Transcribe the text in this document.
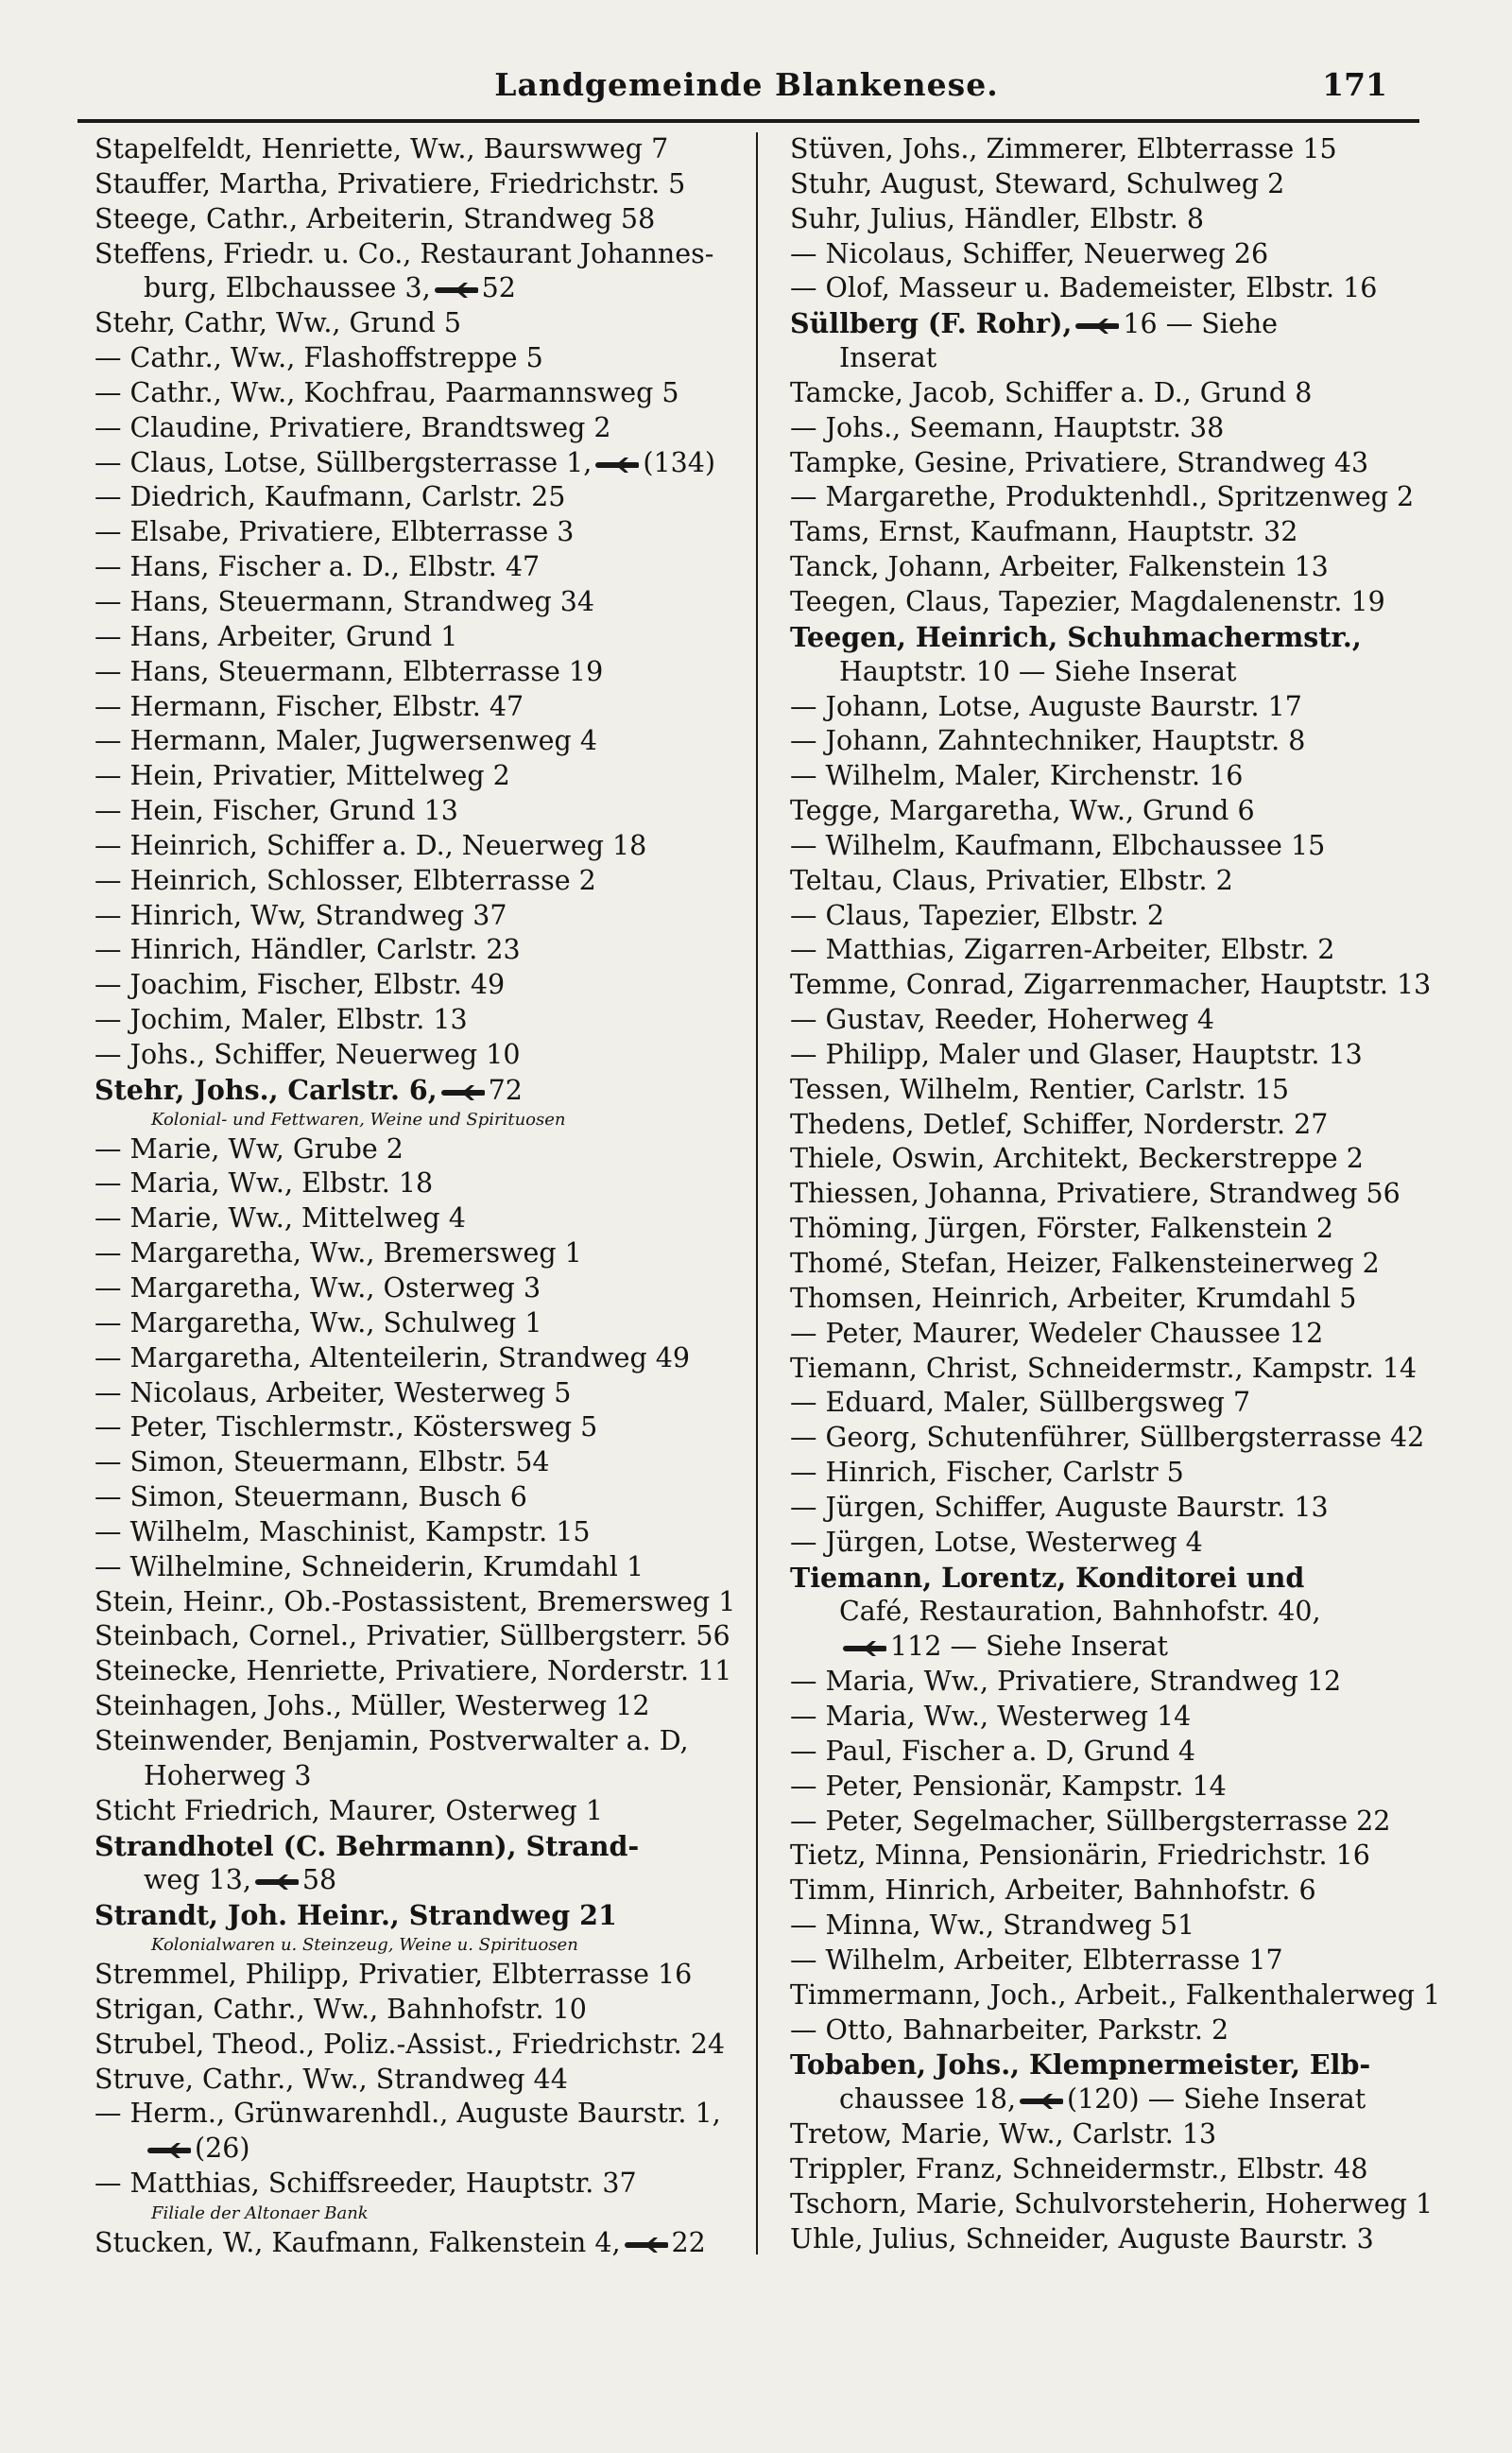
Landgemeinde Blankenese.	171
Stapelfeldt, Henriette, Ww., Baurswweg 7
Stauffer, Martha, Privatiere, Friedrichstr. 5
Steege, Cathr., Arbeiterin, Strandweg 58
Steffens, Friedr. u. Co., Restaurant Johannes-
burg, Elbchaussee 3, 52
Stehr, Cathr, Ww., Grund 5
— Cathr., Ww., Flashoffstreppe 5
— Cathr., Ww., Kochfrau, Paarmannsweg 5
— Claudine, Privatiere, Brandtsweg 2
— Claus, Lotse, Süllbergsterrasse 1, (134)
— Diedrich, Kaufmann, Carlstr. 25
— Elsabe, Privatiere, Elbterrasse 3
— Hans, Fischer a. D., Elbstr. 47
— Hans, Steuermann, Strandweg 34
— Hans, Arbeiter, Grund 1
— Hans, Steuermann, Elbterrasse 19
— Hermann, Fischer, Elbstr. 47
— Hermann, Maler, Jugwersenweg 4
— Hein, Privatier, Mittelweg 2
— Hein, Fischer, Grund 13
— Heinrich, Schiffer a. D., Neuerweg 18
— Heinrich, Schlosser, Elbterrasse 2
— Hinrich, Ww, Strandweg 37
— Hinrich, Händler, Carlstr. 23
— Joachim, Fischer, Elbstr. 49
— Jochim, Maler, Elbstr. 13
— Johs., Schiffer, Neuerweg 10
Stehr, Johs., Carlstr. 6, 72
Kolonial- und Fettwaren, Weine und Spirituosen
— Marie, Ww, Grube 2
— Maria, Ww., Elbstr. 18
— Marie, Ww., Mittelweg 4
— Margaretha, Ww., Bremersweg 1
— Margaretha, Ww., Osterweg 3
— Margaretha, Ww., Schulweg 1
— Margaretha, Altenteilerin, Strandweg 49
— Nicolaus, Arbeiter, Westerweg 5
— Peter, Tischlermstr., Köstersweg 5
— Simon, Steuermann, Elbstr. 54
— Simon, Steuermann, Busch 6
— Wilhelm, Maschinist, Kampstr. 15
— Wilhelmine, Schneiderin, Krumdahl 1
Stein, Heinr., Ob.-Postassistent, Bremersweg 1
Steinbach, Cornel., Privatier, Süllbergsterr. 56
Steinecke, Henriette, Privatiere, Norderstr. 11
Steinhagen, Johs., Müller, Westerweg 12
Steinwender, Benjamin, Postverwalter a. D,
Hoherweg 3
Sticht Friedrich, Maurer, Osterweg 1
Strandhotel (C. Behrmann), Strand-
weg 13, 58
Strandt, Joh. Heinr., Strandweg 21
Kolonialwaren u. Steinzeug, Weine u. Spirituosen
Stremmel, Philipp, Privatier, Elbterrasse 16
Strigan, Cathr., Ww., Bahnhofstr. 10
Strubel, Theod., Poliz.-Assist., Friedrichstr. 24
Struve, Cathr., Ww., Strandweg 44
— Herm., Grünwarenhdl., Auguste Baurstr. 1,
(26)
— Matthias, Schiffsreeder, Hauptstr. 37
Filiale der Altonaer Bank
Stucken, W., Kaufmann, Falkenstein 4, 22
Stüven, Johs., Zimmerer, Elbterrasse 15
Stuhr, August, Steward, Schulweg 2
Suhr, Julius, Händler, Elbstr. 8
— Nicolaus, Schiffer, Neuerweg 26
— Olof, Masseur u. Bademeister, Elbstr. 16
Süllberg (F. Rohr), 16 — Siehe
Inserat
Tamcke, Jacob, Schiffer a. D., Grund 8
— Johs., Seemann, Hauptstr. 38
Tampke, Gesine, Privatiere, Strandweg 43
— Margarethe, Produktenhdl., Spritzenweg 2
Tams, Ernst, Kaufmann, Hauptstr. 32
Tanck, Johann, Arbeiter, Falkenstein 13
Teegen, Claus, Tapezier, Magdalenenstr. 19
Teegen, Heinrich, Schuhmachermstr.,
Hauptstr. 10 — Siehe Inserat
— Johann, Lotse, Auguste Baurstr. 17
— Johann, Zahntechniker, Hauptstr. 8
— Wilhelm, Maler, Kirchenstr. 16
Tegge, Margaretha, Ww., Grund 6
— Wilhelm, Kaufmann, Elbchaussee 15
Teltau, Claus, Privatier, Elbstr. 2
— Claus, Tapezier, Elbstr. 2
— Matthias, Zigarren-Arbeiter, Elbstr. 2
Temme, Conrad, Zigarrenmacher, Hauptstr. 13
— Gustav, Reeder, Hoherweg 4
— Philipp, Maler und Glaser, Hauptstr. 13
Tessen, Wilhelm, Rentier, Carlstr. 15
Thedens, Detlef, Schiffer, Norderstr. 27
Thiele, Oswin, Architekt, Beckerstreppe 2
Thiessen, Johanna, Privatiere, Strandweg 56
Thöming, Jürgen, Förster, Falkenstein 2
Thomé, Stefan, Heizer, Falkensteinerweg 2
Thomsen, Heinrich, Arbeiter, Krumdahl 5
— Peter, Maurer, Wedeler Chaussee 12
Tiemann, Christ, Schneidermstr., Kampstr. 14
— Eduard, Maler, Süllbergsweg 7
— Georg, Schutenführer, Süllbergsterrasse 42
— Hinrich, Fischer, Carlstr 5
— Jürgen, Schiffer, Auguste Baurstr. 13
— Jürgen, Lotse, Westerweg 4
Tiemann, Lorentz, Konditorei und
Café, Restauration, Bahnhofstr. 40,
112 — Siehe Inserat
— Maria, Ww., Privatiere, Strandweg 12
— Maria, Ww., Westerweg 14
— Paul, Fischer a. D, Grund 4
— Peter, Pensionär, Kampstr. 14
— Peter, Segelmacher, Süllbergsterrasse 22
Tietz, Minna, Pensionärin, Friedrichstr. 16
Timm, Hinrich, Arbeiter, Bahnhofstr. 6
— Minna, Ww., Strandweg 51
— Wilhelm, Arbeiter, Elbterrasse 17
Timmermann, Joch., Arbeit., Falkenthalerweg 1
— Otto, Bahnarbeiter, Parkstr. 2
Tobaben, Johs., Klempnermeister, Elb-
chaussee 18, (120) — Siehe Inserat
Tretow, Marie, Ww., Carlstr. 13
Trippler, Franz, Schneidermstr., Elbstr. 48
Tschorn, Marie, Schulvorsteherin, Hoherweg 1
Uhle, Julius, Schneider, Auguste Baurstr. 3
